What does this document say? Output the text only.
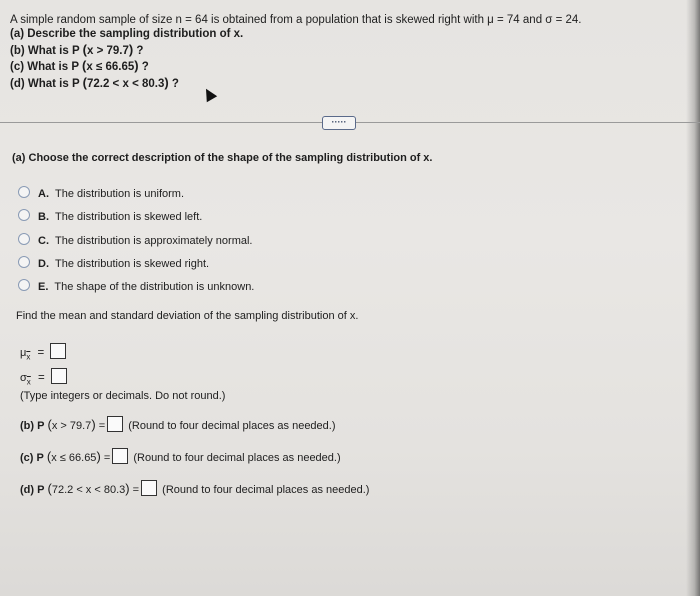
A simple random sample of size n = 64 is obtained from a population that is skewed right with μ = 74 and σ = 24.
(a) Describe the sampling distribution of x.
(b) What is P (x > 79.7) ?
(c) What is P (x ≤ 66.65) ?
(d) What is P (72.2 < x < 80.3) ?
·····
(a) Choose the correct description of the shape of the sampling distribution of x.
A. The distribution is uniform.
B. The distribution is skewed left.
C. The distribution is approximately normal.
D. The distribution is skewed right.
E. The shape of the distribution is unknown.
Find the mean and standard deviation of the sampling distribution of x.
$\mu_{\overline{x}}$ =
$\sigma_{\overline{x}}$ =
(Type integers or decimals. Do not round.)
(b) P (x > 79.7) = (Round to four decimal places as needed.)
(c) P (x ≤ 66.65) = (Round to four decimal places as needed.)
(d) P (72.2 < x < 80.3) = (Round to four decimal places as needed.)
